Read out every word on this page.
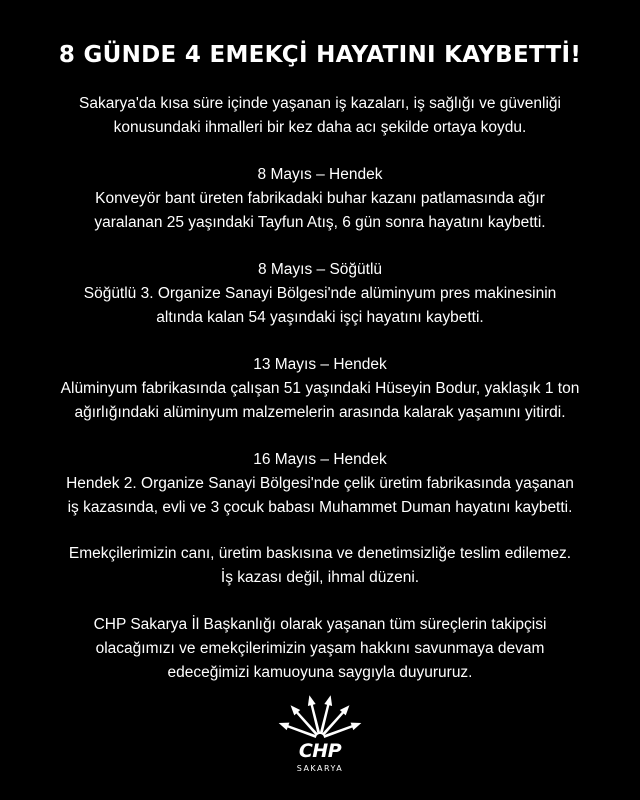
8 GÜNDE 4 EMEKÇİ HAYATINI KAYBETTİ!
Sakarya'da kısa süre içinde yaşanan iş kazaları, iş sağlığı ve güvenliği
konusundaki ihmalleri bir kez daha acı şekilde ortaya koydu.
8 Mayıs – Hendek
Konveyör bant üreten fabrikadaki buhar kazanı patlamasında ağır
yaralanan 25 yaşındaki Tayfun Atış, 6 gün sonra hayatını kaybetti.
8 Mayıs – Söğütlü
Söğütlü 3. Organize Sanayi Bölgesi'nde alüminyum pres makinesinin
altında kalan 54 yaşındaki işçi hayatını kaybetti.
13 Mayıs – Hendek
Alüminyum fabrikasında çalışan 51 yaşındaki Hüseyin Bodur, yaklaşık 1 ton
ağırlığındaki alüminyum malzemelerin arasında kalarak yaşamını yitirdi.
16 Mayıs – Hendek
Hendek 2. Organize Sanayi Bölgesi'nde çelik üretim fabrikasında yaşanan
iş kazasında, evli ve 3 çocuk babası Muhammet Duman hayatını kaybetti.
Emekçilerimizin canı, üretim baskısına ve denetimsizliğe teslim edilemez.
İş kazası değil, ihmal düzeni.
CHP Sakarya İl Başkanlığı olarak yaşanan tüm süreçlerin takipçisi
olacağımızı ve emekçilerimizin yaşam hakkını savunmaya devam
edeceğimizi kamuoyuna saygıyla duyururuz.
CHP
SAKARYA
